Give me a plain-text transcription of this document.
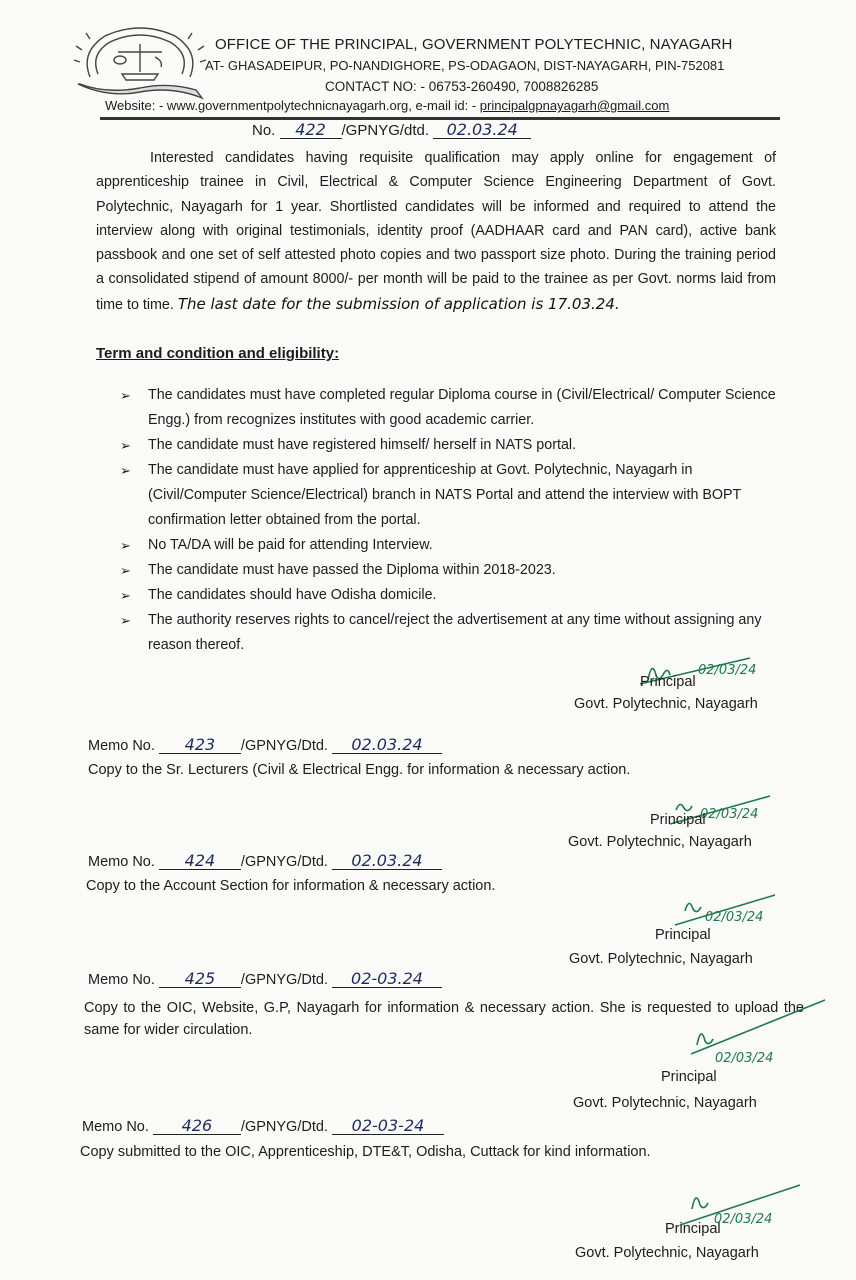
OFFICE OF THE PRINCIPAL, GOVERNMENT POLYTECHNIC, NAYAGARH
AT- GHASADEIPUR, PO-NANDIGHORE, PS-ODAGAON, DIST-NAYAGARH, PIN-752081
CONTACT NO: - 06753-260490, 7008826285
Website: - www.governmentpolytechnicnayagarh.org, e-mail id: - principalgpnayagarh@gmail.com
No. 422 /GPNYG/dtd. 02.03.24

Interested candidates having requisite qualification may apply online for engagement of apprenticeship trainee in Civil, Electrical & Computer Science Engineering Department of Govt. Polytechnic, Nayagarh for 1 year. Shortlisted candidates will be informed and required to attend the interview along with original testimonials, identity proof (AADHAAR card and PAN card), active bank passbook and one set of self attested photo copies and two passport size photo. During the training period a consolidated stipend of amount 8000/- per month will be paid to the trainee as per Govt. norms laid from time to time. The last date for the submission of application is 17.03.24.

Term and condition and eligibility:
➢ The candidates must have completed regular Diploma course in (Civil/Electrical/ Computer Science Engg.) from recognizes institutes with good academic carrier.
➢ The candidate must have registered himself/ herself in NATS portal.
➢ The candidate must have applied for apprenticeship at Govt. Polytechnic, Nayagarh in (Civil/Computer Science/Electrical) branch in NATS Portal and attend the interview with BOPT confirmation letter obtained from the portal.
➢ No TA/DA will be paid for attending Interview.
➢ The candidate must have passed the Diploma within 2018-2023.
➢ The candidates should have Odisha domicile.
➢ The authority reserves rights to cancel/reject the advertisement at any time without assigning any reason thereof.
02/03/24
Principal
Govt. Polytechnic, Nayagarh
Memo No. 423 /GPNYG/Dtd. 02.03.24
Copy to the Sr. Lecturers (Civil & Electrical Engg. for information & necessary action.
02/03/24
Principal
Govt. Polytechnic, Nayagarh
Memo No. 424 /GPNYG/Dtd. 02.03.24
Copy to the Account Section for information & necessary action.
02/03/24
Principal
Govt. Polytechnic, Nayagarh
Memo No. 425 /GPNYG/Dtd. 02-03.24
Copy to the OIC, Website, G.P, Nayagarh for information & necessary action. She is requested to upload the same for wider circulation.
02/03/24
Principal
Govt. Polytechnic, Nayagarh
Memo No. 426 /GPNYG/Dtd. 02-03-24
Copy submitted to the OIC, Apprenticeship, DTE&T, Odisha, Cuttack for kind information.
02/03/24
Principal
Govt. Polytechnic, Nayagarh
